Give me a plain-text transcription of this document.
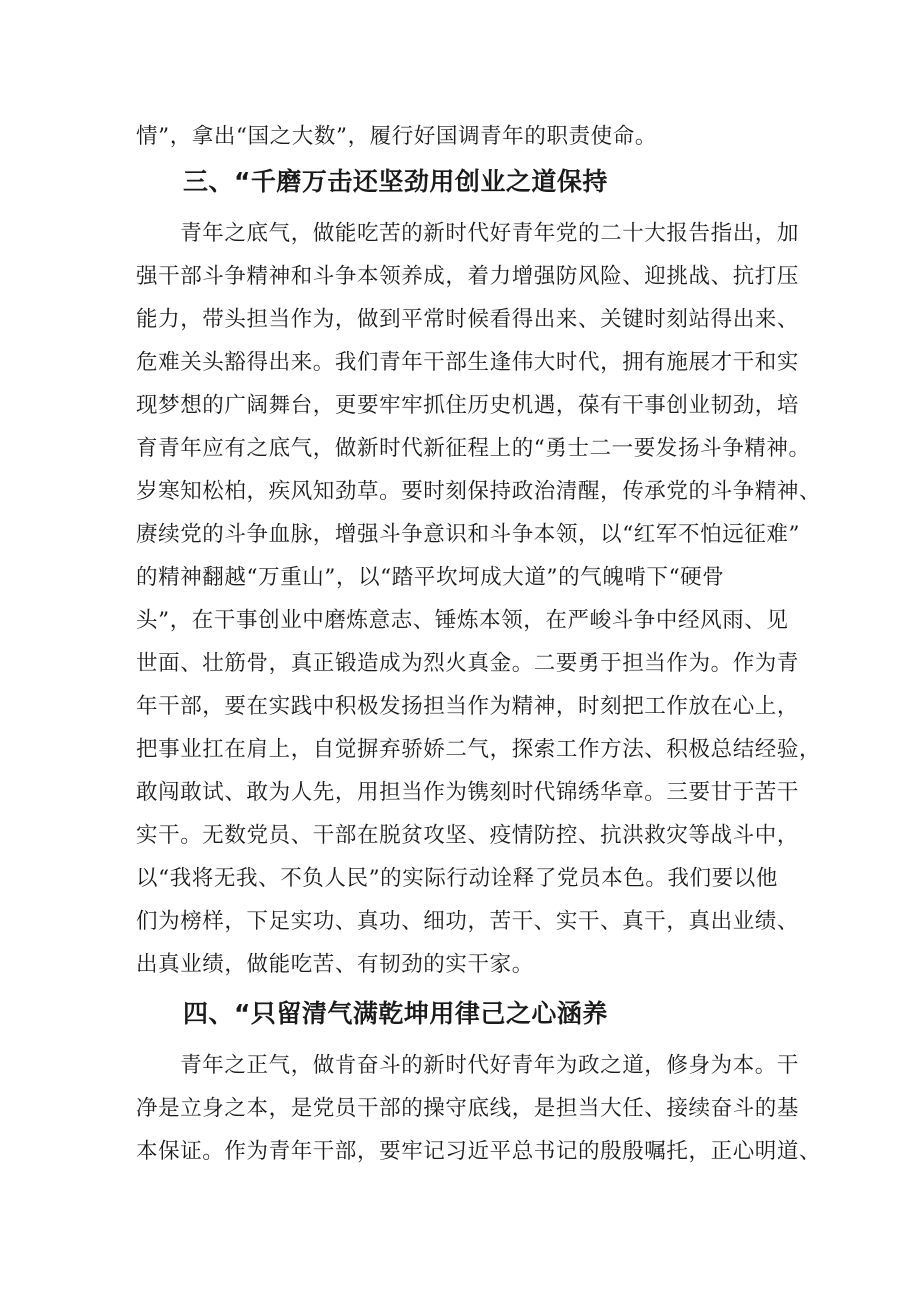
情”，拿出“国之大数”，履行好国调青年的职责使命。
三、“千磨万击还坚劲用创业之道保持
　　青年之底气，做能吃苦的新时代好青年党的二十大报告指出，加
强干部斗争精神和斗争本领养成，着力增强防风险、迎挑战、抗打压
能力，带头担当作为，做到平常时候看得出来、关键时刻站得出来、
危难关头豁得出来。我们青年干部生逢伟大时代，拥有施展才干和实
现梦想的广阔舞台，更要牢牢抓住历史机遇，葆有干事创业韧劲，培
育青年应有之底气，做新时代新征程上的“勇士二一要发扬斗争精神。
岁寒知松柏，疾风知劲草。要时刻保持政治清醒，传承党的斗争精神、
赓续党的斗争血脉，增强斗争意识和斗争本领，以“红军不怕远征难”
的精神翻越“万重山”，以“踏平坎坷成大道”的气魄啃下“硬骨
头”，在干事创业中磨炼意志、锤炼本领，在严峻斗争中经风雨、见
世面、壮筋骨，真正锻造成为烈火真金。二要勇于担当作为。作为青
年干部，要在实践中积极发扬担当作为精神，时刻把工作放在心上，
把事业扛在肩上，自觉摒弃骄娇二气，探索工作方法、积极总结经验，
敢闯敢试、敢为人先，用担当作为镌刻时代锦绣华章。三要甘于苦干
实干。无数党员、干部在脱贫攻坚、疫情防控、抗洪救灾等战斗中，
以“我将无我、不负人民”的实际行动诠释了党员本色。我们要以他
们为榜样，下足实功、真功、细功，苦干、实干、真干，真出业绩、
出真业绩，做能吃苦、有韧劲的实干家。
四、“只留清气满乾坤用律己之心涵养
　　青年之正气，做肯奋斗的新时代好青年为政之道，修身为本。干
净是立身之本，是党员干部的操守底线，是担当大任、接续奋斗的基
本保证。作为青年干部，要牢记习近平总书记的殷殷嘱托，正心明道、
